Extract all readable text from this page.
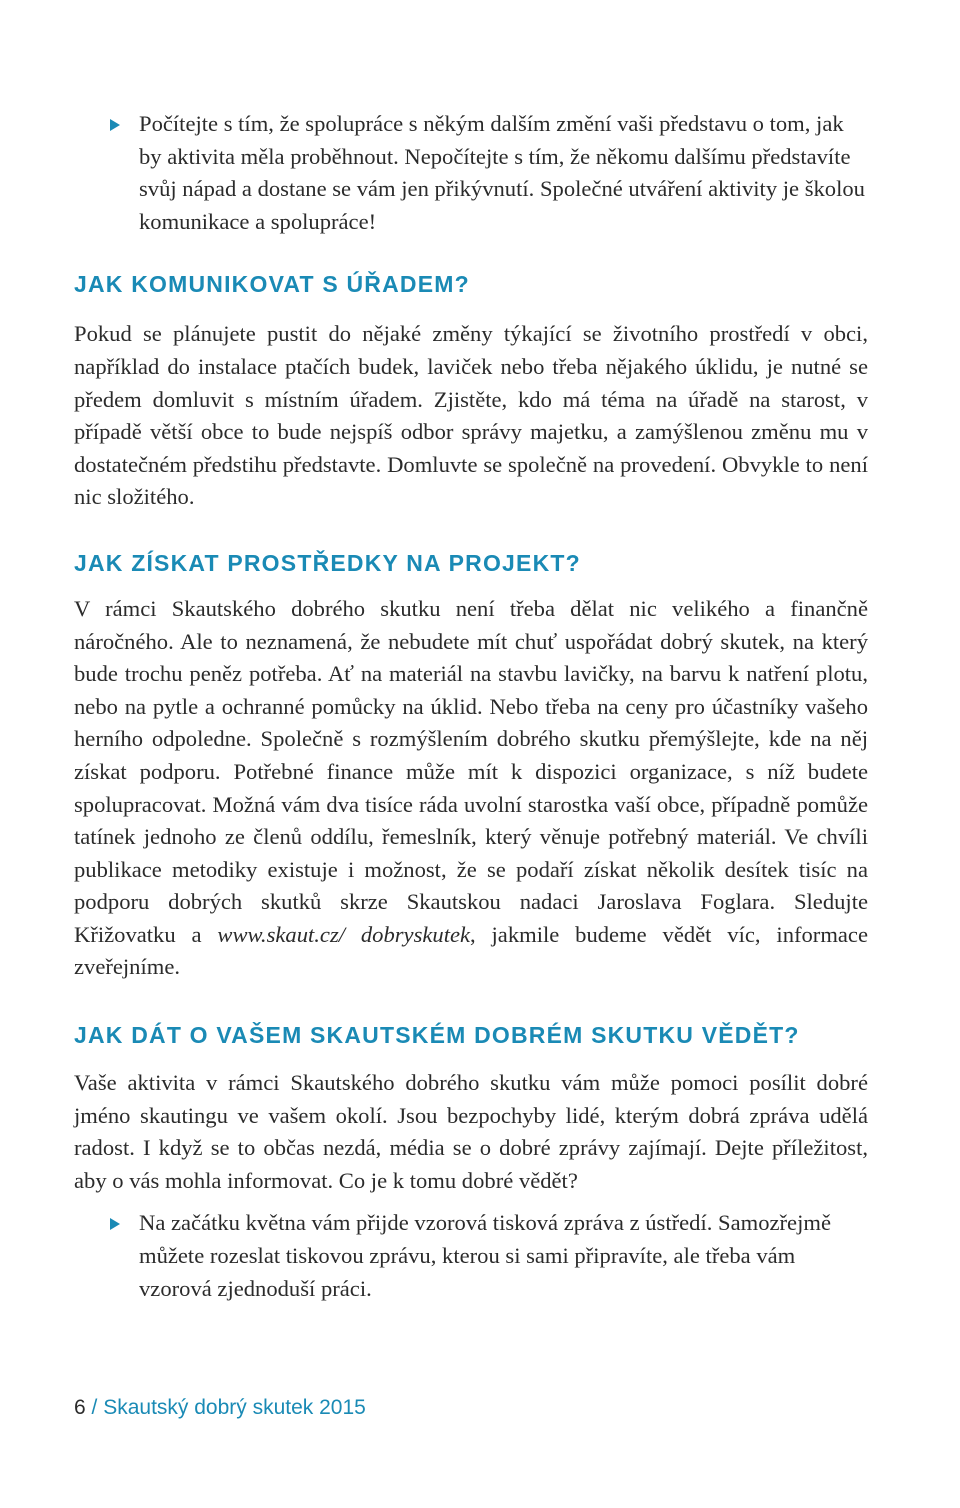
Počítejte s tím, že spolupráce s někým dalším změní vaši představu o tom, jak by aktivita měla proběhnout. Nepočítejte s tím, že někomu dalšímu představíte svůj nápad a dostane se vám jen přikývnutí. Společné utváření aktivity je školou komunikace a spolupráce!

JAK KOMUNIKOVAT S ÚŘADEM?

Pokud se plánujete pustit do nějaké změny týkající se životního prostředí v obci, například do instalace ptačích budek, laviček nebo třeba nějakého úklidu, je nutné se předem domluvit s místním úřadem. Zjistěte, kdo má téma na úřadě na starost, v případě větší obce to bude nejspíš odbor správy majetku, a zamýšlenou změnu mu v dostatečném předstihu představte. Domluvte se společně na provedení. Obvykle to není nic složitého.

JAK ZÍSKAT PROSTŘEDKY NA PROJEKT?

V rámci Skautského dobrého skutku není třeba dělat nic velikého a finančně náročného. Ale to neznamená, že nebudete mít chuť uspořádat dobrý skutek, na který bude trochu peněz potřeba. Ať na materiál na stavbu lavičky, na barvu k natření plotu, nebo na pytle a ochranné pomůcky na úklid. Nebo třeba na ceny pro účastníky vašeho herního odpoledne. Společně s rozmýšlením dobrého skutku přemýšlejte, kde na něj získat podporu. Potřebné finance může mít k dispozici organizace, s níž budete spolupracovat. Možná vám dva tisíce ráda uvolní starostka vaší obce, případně pomůže tatínek jednoho ze členů oddílu, řemeslník, který věnuje potřebný materiál. Ve chvíli publikace metodiky existuje i možnost, že se podaří získat několik desítek tisíc na podporu dobrých skutků skrze Skautskou nadaci Jaroslava Foglara. Sledujte Křižovatku a www.skaut.cz/ dobryskutek, jakmile budeme vědět víc, informace zveřejníme.

JAK DÁT O VAŠEM SKAUTSKÉM DOBRÉM SKUTKU VĚDĚT?

Vaše aktivita v rámci Skautského dobrého skutku vám může pomoci posílit dobré jméno skautingu ve vašem okolí. Jsou bezpochyby lidé, kterým dobrá zpráva udělá radost. I když se to občas nezdá, média se o dobré zprávy zajímají. Dejte příležitost, aby o vás mohla informovat. Co je k tomu dobré vědět?

Na začátku května vám přijde vzorová tisková zpráva z ústředí. Samozřejmě můžete rozeslat tiskovou zprávu, kterou si sami připravíte, ale třeba vám vzorová zjednoduší práci.

6 / Skautský dobrý skutek 2015
